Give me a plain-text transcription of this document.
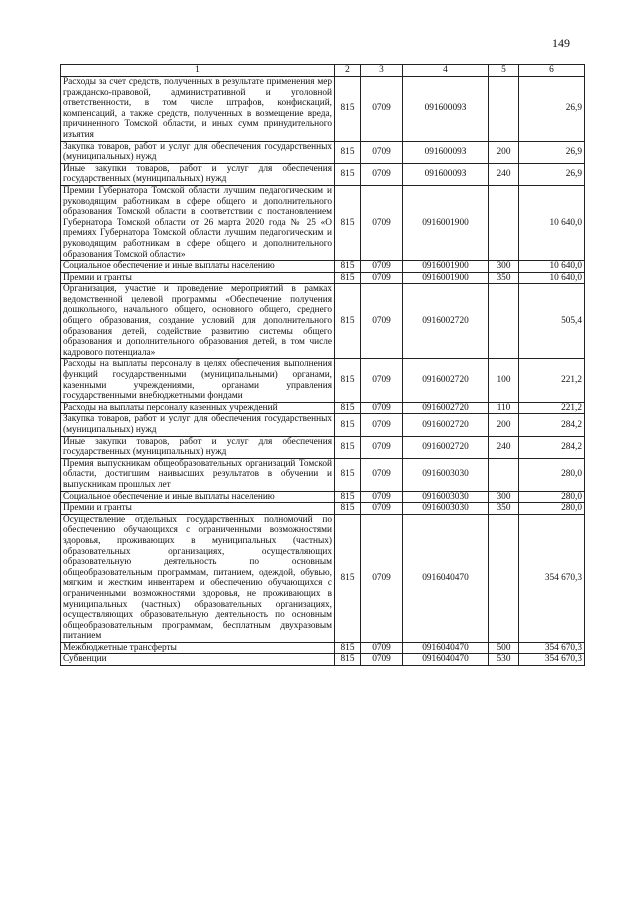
149
1	2	3	4	5	6
Расходы за счет средств, полученных в результате применения мер гражданско-правовой, административной и уголовной ответственности, в том числе штрафов, конфискаций, компенсаций, а также средств, полученных в возмещение вреда, причиненного Томской области, и иных сумм принудительного изъятия	815	0709	09160009З		26,9
Закупка товаров, работ и услуг для обеспечения государственных (муниципальных) нужд	815	0709	09160009З	200	26,9
Иные закупки товаров, работ и услуг для обеспечения государственных (муниципальных) нужд	815	0709	09160009З	240	26,9
Премии Губернатора Томской области лучшим педагогическим и руководящим работникам в сфере общего и дополнительного образования Томской области в соответствии с постановлением Губернатора Томской области от 26 марта 2020 года № 25 «О премиях Губернатора Томской области лучшим педагогическим и руководящим работникам в сфере общего и дополнительного образования Томской области»	815	0709	0916001900		10 640,0
Социальное обеспечение и иные выплаты населению	815	0709	0916001900	300	10 640,0
Премии и гранты	815	0709	0916001900	350	10 640,0
Организация, участие и проведение мероприятий в рамках ведомственной целевой программы «Обеспечение получения дошкольного, начального общего, основного общего, среднего общего образования, создание условий для дополнительного образования детей, содействие развитию системы общего образования и дополнительного образования детей, в том числе кадрового потенциала»	815	0709	0916002720		505,4
Расходы на выплаты персоналу в целях обеспечения выполнения функций государственными (муниципальными) органами, казенными учреждениями, органами управления государственными внебюджетными фондами	815	0709	0916002720	100	221,2
Расходы на выплаты персоналу казенных учреждений	815	0709	0916002720	110	221,2
Закупка товаров, работ и услуг для обеспечения государственных (муниципальных) нужд	815	0709	0916002720	200	284,2
Иные закупки товаров, работ и услуг для обеспечения государственных (муниципальных) нужд	815	0709	0916002720	240	284,2
Премия выпускникам общеобразовательных организаций Томской области, достигшим наивысших результатов в обучении и выпускникам прошлых лет	815	0709	0916003030		280,0
Социальное обеспечение и иные выплаты населению	815	0709	0916003030	300	280,0
Премии и гранты	815	0709	0916003030	350	280,0
Осуществление отдельных государственных полномочий по обеспечению обучающихся с ограниченными возможностями здоровья, проживающих в муниципальных (частных) образовательных организациях, осуществляющих образовательную деятельность по основным общеобразовательным программам, питанием, одеждой, обувью, мягким и жестким инвентарем и обеспечению обучающихся с ограниченными возможностями здоровья, не проживающих в муниципальных (частных) образовательных организациях, осуществляющих образовательную деятельность по основным общеобразовательным программам, бесплатным двухразовым питанием	815	0709	0916040470		354 670,3
Межбюджетные трансферты	815	0709	0916040470	500	354 670,3
Субвенции	815	0709	0916040470	530	354 670,3
